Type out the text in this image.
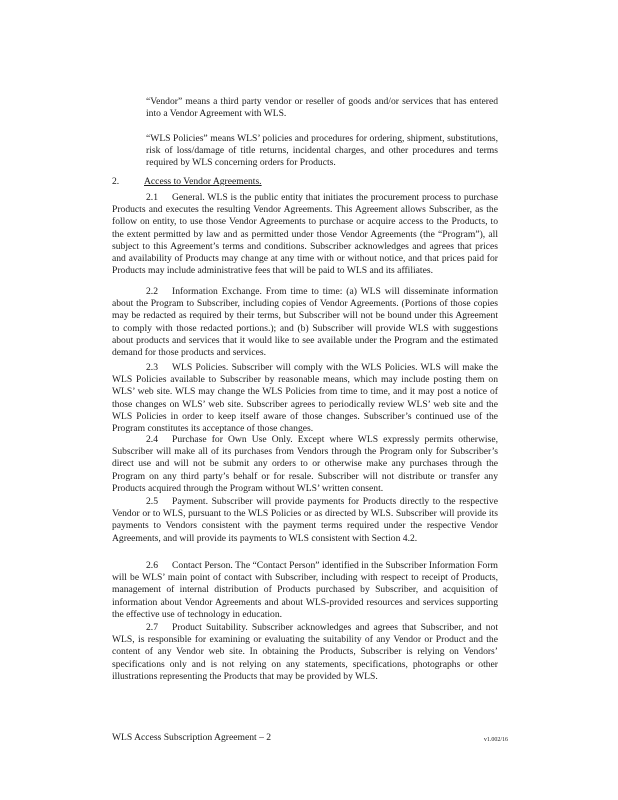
“Vendor” means a third party vendor or reseller of goods and/or services that has entered into a Vendor Agreement with WLS.

“WLS Policies” means WLS’ policies and procedures for ordering, shipment, substitutions, risk of loss/damage of title returns, incidental charges, and other procedures and terms required by WLS concerning orders for Products.

2.	Access to Vendor Agreements.

2.1 General. WLS is the public entity that initiates the procurement process to purchase Products and executes the resulting Vendor Agreements. This Agreement allows Subscriber, as the follow on entity, to use those Vendor Agreements to purchase or acquire access to the Products, to the extent permitted by law and as permitted under those Vendor Agreements (the “Program”), all subject to this Agreement’s terms and conditions. Subscriber acknowledges and agrees that prices and availability of Products may change at any time with or without notice, and that prices paid for Products may include administrative fees that will be paid to WLS and its affiliates.

2.2 Information Exchange. From time to time: (a) WLS will disseminate information about the Program to Subscriber, including copies of Vendor Agreements. (Portions of those copies may be redacted as required by their terms, but Subscriber will not be bound under this Agreement to comply with those redacted portions.); and (b) Subscriber will provide WLS with suggestions about products and services that it would like to see available under the Program and the estimated demand for those products and services.

2.3 WLS Policies. Subscriber will comply with the WLS Policies. WLS will make the WLS Policies available to Subscriber by reasonable means, which may include posting them on WLS’ web site. WLS may change the WLS Policies from time to time, and it may post a notice of those changes on WLS’ web site. Subscriber agrees to periodically review WLS’ web site and the WLS Policies in order to keep itself aware of those changes. Subscriber’s continued use of the Program constitutes its acceptance of those changes.

2.4 Purchase for Own Use Only. Except where WLS expressly permits otherwise, Subscriber will make all of its purchases from Vendors through the Program only for Subscriber’s direct use and will not be submit any orders to or otherwise make any purchases through the Program on any third party’s behalf or for resale. Subscriber will not distribute or transfer any Products acquired through the Program without WLS’ written consent.

2.5 Payment. Subscriber will provide payments for Products directly to the respective Vendor or to WLS, pursuant to the WLS Policies or as directed by WLS. Subscriber will provide its payments to Vendors consistent with the payment terms required under the respective Vendor Agreements, and will provide its payments to WLS consistent with Section 4.2.

2.6 Contact Person. The “Contact Person” identified in the Subscriber Information Form will be WLS’ main point of contact with Subscriber, including with respect to receipt of Products, management of internal distribution of Products purchased by Subscriber, and acquisition of information about Vendor Agreements and about WLS-provided resources and services supporting the effective use of technology in education.

2.7 Product Suitability. Subscriber acknowledges and agrees that Subscriber, and not WLS, is responsible for examining or evaluating the suitability of any Vendor or Product and the content of any Vendor web site. In obtaining the Products, Subscriber is relying on Vendors’ specifications only and is not relying on any statements, specifications, photographs or other illustrations representing the Products that may be provided by WLS.

WLS Access Subscription Agreement – 2	v1.002/16
